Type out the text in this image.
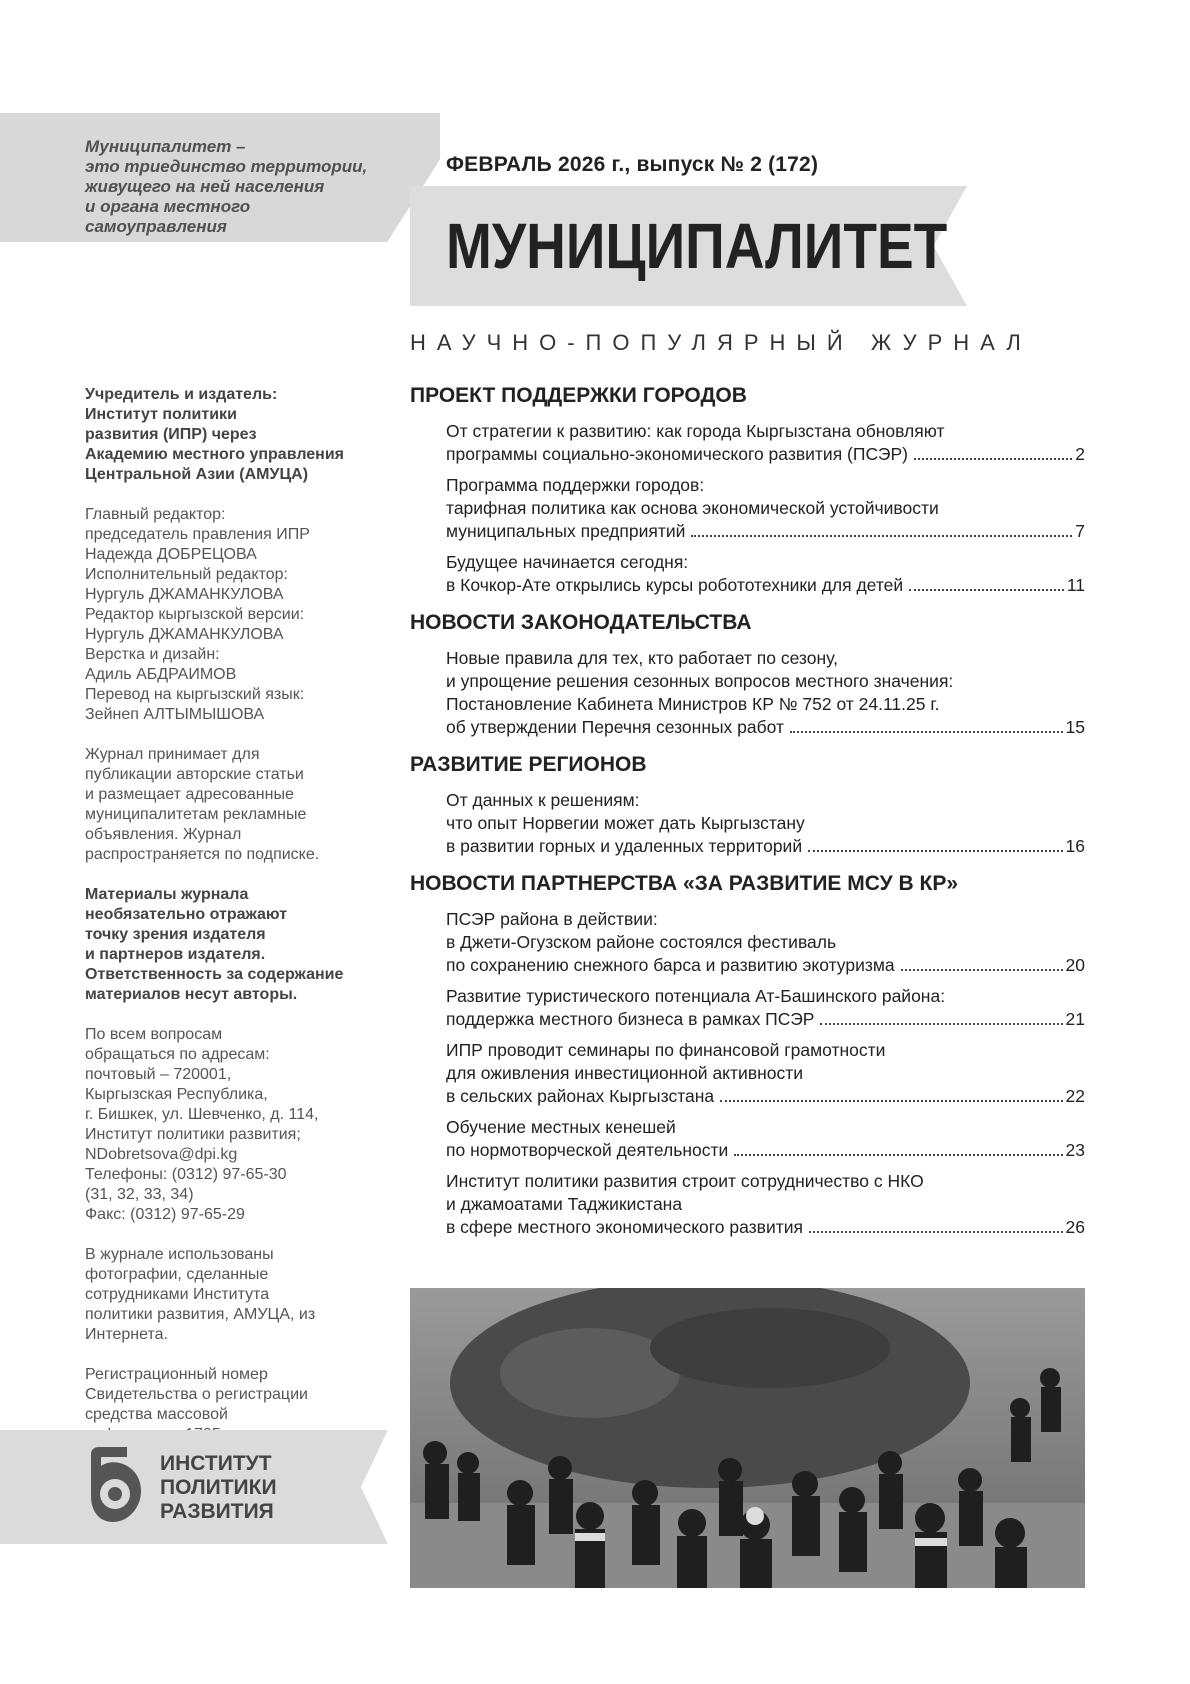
Муниципалитет –
это триединство территории,
живущего на ней населения
и органа местного
самоуправления
ФЕВРАЛЬ 2026 г., выпуск № 2 (172)
МУНИЦИПАЛИТЕТ
НАУЧНО-ПОПУЛЯРНЫЙ ЖУРНАЛ
Учредитель и издатель:
Институт политики
развития (ИПР) через
Академию местного управления
Центральной Азии (АМУЦА)
Главный редактор:
председатель правления ИПР
Надежда ДОБРЕЦОВА
Исполнительный редактор:
Нургуль ДЖАМАНКУЛОВА
Редактор кыргызской версии:
Нургуль ДЖАМАНКУЛОВА
Верстка и дизайн:
Адиль АБДРАИМОВ
Перевод на кыргызский язык:
Зейнеп АЛТЫМЫШОВА
Журнал принимает для
публикации авторские статьи
и размещает адресованные
муниципалитетам рекламные
объявления. Журнал
распространяется по подписке.
Материалы журнала
необязательно отражают
точку зрения издателя
и партнеров издателя.
Ответственность за содержание
материалов несут авторы.
По всем вопросам
обращаться по адресам:
почтовый – 720001,
Кыргызская Республика,
г. Бишкек, ул. Шевченко, д. 114,
Институт политики развития;
NDobretsova@dpi.kg
Телефоны: (0312) 97-65-30
(31, 32, 33, 34)
Факс: (0312) 97-65-29
В журнале использованы
фотографии, сделанные
сотрудниками Института
политики развития, АМУЦА, из
Интернета.
Регистрационный номер
Свидетельства о регистрации
средства массовой
ИНСТИТУТ
ПОЛИТИКИ
РАЗВИТИЯ
ПРОЕКТ ПОДДЕРЖКИ ГОРОДОВ
От стратегии к развитию: как города Кыргызстана обновляют
программы социально-экономического развития (ПСЭР)	2
Программа поддержки городов:
тарифная политика как основа экономической устойчивости
муниципальных предприятий	7
Будущее начинается сегодня:
в Кочкор-Ате открылись курсы робототехники для детей	11
НОВОСТИ ЗАКОНОДАТЕЛЬСТВА
Новые правила для тех, кто работает по сезону,
и упрощение решения сезонных вопросов местного значения:
Постановление Кабинета Министров КР № 752 от 24.11.25 г.
об утверждении Перечня сезонных работ	15
РАЗВИТИЕ РЕГИОНОВ
От данных к решениям:
что опыт Норвегии может дать Кыргызстану
в развитии горных и удаленных территорий	16
НОВОСТИ ПАРТНЕРСТВА «ЗА РАЗВИТИЕ МСУ В КР»
ПСЭР района в действии:
в Джети-Огузском районе состоялся фестиваль
по сохранению снежного барса и развитию экотуризма	20
Развитие туристического потенциала Ат-Башинского района:
поддержка местного бизнеса в рамках ПСЭР	21
ИПР проводит семинары по финансовой грамотности
для оживления инвестиционной активности
в сельских районах Кыргызстана	22
Обучение местных кенешей
по нормотворческой деятельности	23
Институт политики развития строит сотрудничество с НКО
и джамоатами Таджикистана
в сфере местного экономического развития	26
